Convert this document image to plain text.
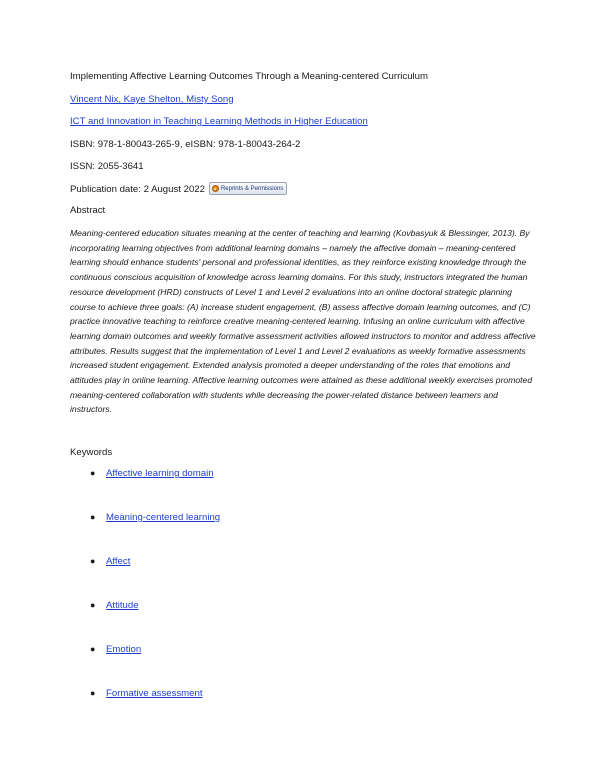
Implementing Affective Learning Outcomes Through a Meaning-centered Curriculum
Vincent Nix, Kaye Shelton, Misty Song
ICT and Innovation in Teaching Learning Methods in Higher Education
ISBN: 978-1-80043-265-9, eISBN: 978-1-80043-264-2
ISSN: 2055-3641
Publication date: 2 August 2022	Reprints & Permissions
Abstract
Meaning-centered education situates meaning at the center of teaching and learning (Kovbasyuk & Blessinger, 2013). By incorporating learning objectives from additional learning domains – namely the affective domain – meaning-centered learning should enhance students’ personal and professional identities, as they reinforce existing knowledge through the continuous conscious acquisition of knowledge across learning domains. For this study, instructors integrated the human resource development (HRD) constructs of Level 1 and Level 2 evaluations into an online doctoral strategic planning course to achieve three goals: (A) increase student engagement, (B) assess affective domain learning outcomes, and (C) practice innovative teaching to reinforce creative meaning-centered learning. Infusing an online curriculum with affective learning domain outcomes and weekly formative assessment activities allowed instructors to monitor and address affective attributes. Results suggest that the implementation of Level 1 and Level 2 evaluations as weekly formative assessments increased student engagement. Extended analysis promoted a deeper understanding of the roles that emotions and attitudes play in online learning. Affective learning outcomes were attained as these additional weekly exercises promoted meaning-centered collaboration with students while decreasing the power-related distance between learners and instructors.
Keywords
●	Affective learning domain
●	Meaning-centered learning
●	Affect
●	Attitude
●	Emotion
●	Formative assessment
